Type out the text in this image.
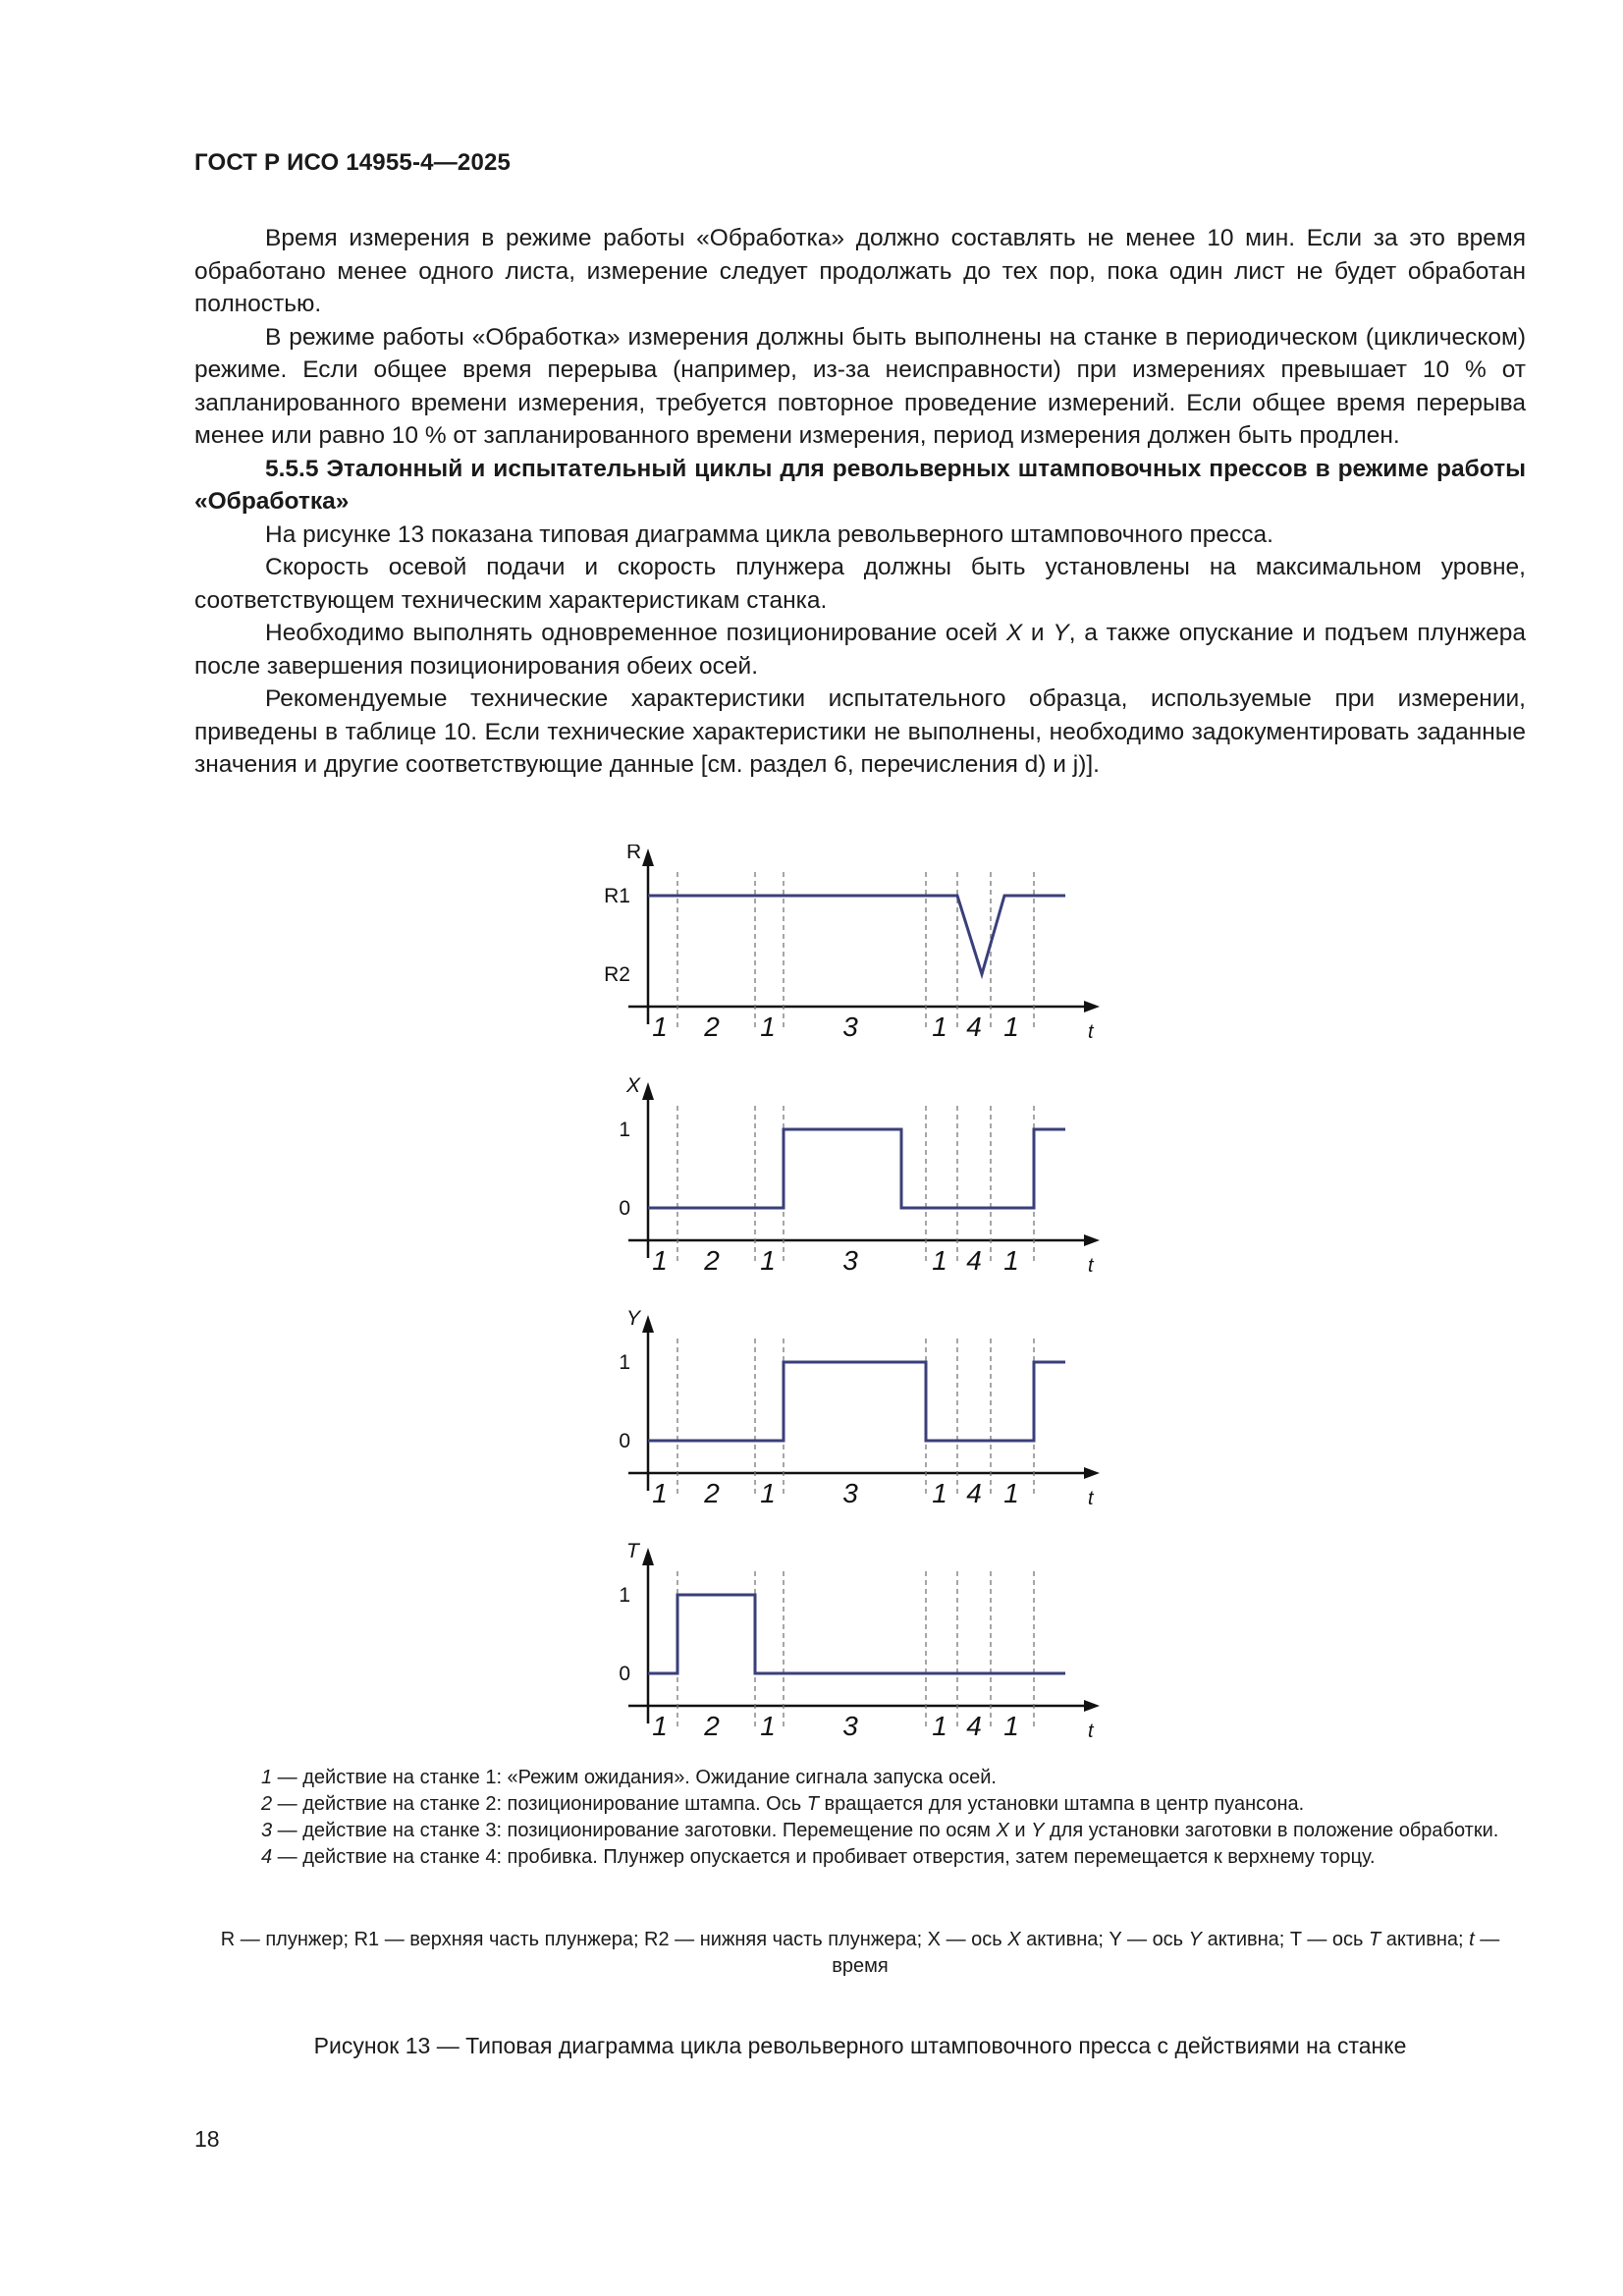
ГОСТ Р ИСО 14955-4—2025

Время измерения в режиме работы «Обработка» должно составлять не менее 10 мин. Если за это время обработано менее одного листа, измерение следует продолжать до тех пор, пока один лист не будет обработан полностью.

В режиме работы «Обработка» измерения должны быть выполнены на станке в периодическом (циклическом) режиме. Если общее время перерыва (например, из-за неисправности) при измерениях превышает 10 % от запланированного времени измерения, требуется повторное проведение измерений. Если общее время перерыва менее или равно 10 % от запланированного времени измерения, период измерения должен быть продлен.

5.5.5 Эталонный и испытательный циклы для револьверных штамповочных прессов в режиме работы «Обработка»

На рисунке 13 показана типовая диаграмма цикла револьверного штамповочного пресса.

Скорость осевой подачи и скорость плунжера должны быть установлены на максимальном уровне, соответствующем техническим характеристикам станка.

Необходимо выполнять одновременное позиционирование осей X и Y, а также опускание и подъем плунжера после завершения позиционирования обеих осей.

Рекомендуемые технические характеристики испытательного образца, используемые при измерении, приведены в таблице 10. Если технические характеристики не выполнены, необходимо задокументировать заданные значения и другие соответствующие данные [см. раздел 6, перечисления d) и j)].

R
R1
R2
1 2 1 3	1 4 1	t
X
1
0
1 2 1 3	1 4 1	t
Y
1
0
1 2 1 3	1 4 1	t
T
1
0
1 2 1 3	1 4 1	t

1 — действие на станке 1: «Режим ожидания». Ожидание сигнала запуска осей.

2 — действие на станке 2: позиционирование штампа. Ось T вращается для установки штампа в центр пуансона.

3 — действие на станке 3: позиционирование заготовки. Перемещение по осям X и Y для установки заготовки в положение обработки.

4 — действие на станке 4: пробивка. Плунжер опускается и пробивает отверстия, затем перемещается к верхнему торцу.

R — плунжер; R1 — верхняя часть плунжера; R2 — нижняя часть плунжера; X — ось X активна; Y — ось Y активна; T — ось T активна; t — время
Рисунок 13 — Типовая диаграмма цикла револьверного штамповочного пресса с действиями на станке
18
